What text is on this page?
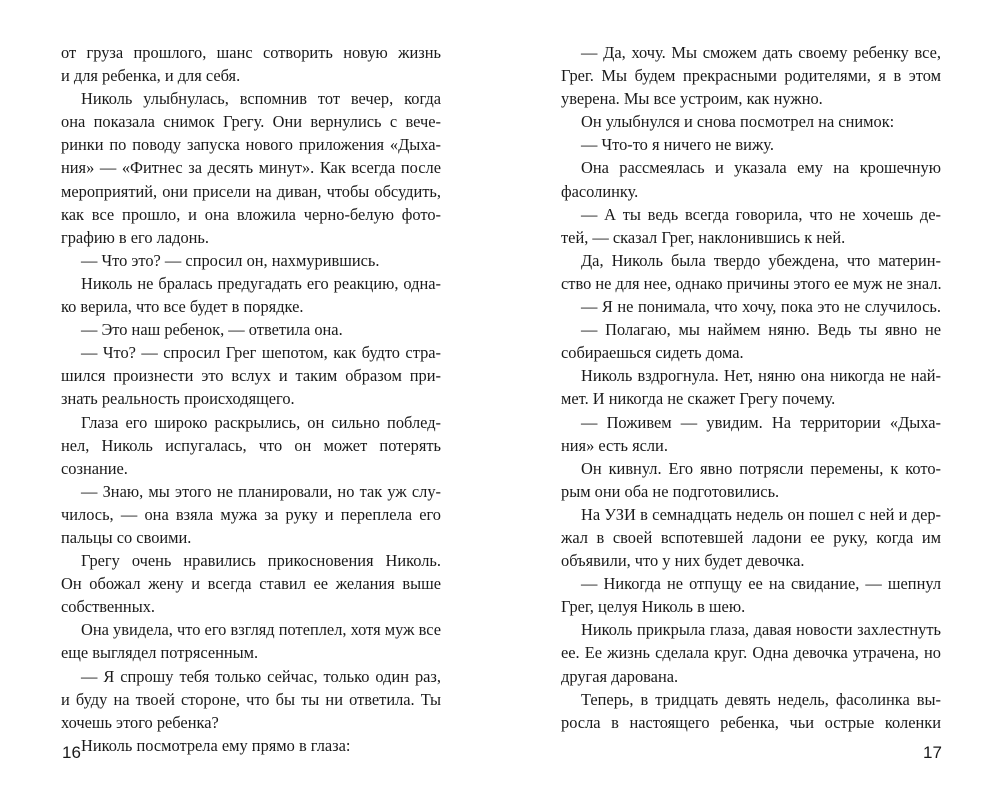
от груза прошлого, шанс сотворить новую жизнь
и для ребенка, и для себя.
Николь улыбнулась, вспомнив тот вечер, когда
она показала снимок Грегу. Они вернулись с вече-
ринки по поводу запуска нового приложения «Дыха-
ния» — «Фитнес за десять минут». Как всегда после
мероприятий, они присели на диван, чтобы обсудить,
как все прошло, и она вложила черно-белую фото-
графию в его ладонь.
— Что это? — спросил он, нахмурившись.
Николь не бралась предугадать его реакцию, одна-
ко верила, что все будет в порядке.
— Это наш ребенок, — ответила она.
— Что? — спросил Грег шепотом, как будто стра-
шился произнести это вслух и таким образом при-
знать реальность происходящего.
Глаза его широко раскрылись, он сильно поблед-
нел, Николь испугалась, что он может потерять
сознание.
— Знаю, мы этого не планировали, но так уж слу-
чилось, — она взяла мужа за руку и переплела его
пальцы со своими.
Грегу очень нравились прикосновения Николь.
Он обожал жену и всегда ставил ее желания выше
собственных.
Она увидела, что его взгляд потеплел, хотя муж все
еще выглядел потрясенным.
— Я спрошу тебя только сейчас, только один раз,
и буду на твоей стороне, что бы ты ни ответила. Ты
хочешь этого ребенка?
Николь посмотрела ему прямо в глаза:
— Да, хочу. Мы сможем дать своему ребенку все,
Грег. Мы будем прекрасными родителями, я в этом
уверена. Мы все устроим, как нужно.
Он улыбнулся и снова посмотрел на снимок:
— Что-то я ничего не вижу.
Она рассмеялась и указала ему на крошечную
фасолинку.
— А ты ведь всегда говорила, что не хочешь де-
тей, — сказал Грег, наклонившись к ней.
Да, Николь была твердо убеждена, что материн-
ство не для нее, однако причины этого ее муж не знал.
— Я не понимала, что хочу, пока это не случилось.
— Полагаю, мы наймем няню. Ведь ты явно не
собираешься сидеть дома.
Николь вздрогнула. Нет, няню она никогда не най-
мет. И никогда не скажет Грегу почему.
— Поживем — увидим. На территории «Дыха-
ния» есть ясли.
Он кивнул. Его явно потрясли перемены, к кото-
рым они оба не подготовились.
На УЗИ в семнадцать недель он пошел с ней и дер-
жал в своей вспотевшей ладони ее руку, когда им
объявили, что у них будет девочка.
— Никогда не отпущу ее на свидание, — шепнул
Грег, целуя Николь в шею.
Николь прикрыла глаза, давая новости захлестнуть
ее. Ее жизнь сделала круг. Одна девочка утрачена, но
другая дарована.
Теперь, в тридцать девять недель, фасолинка вы-
росла в настоящего ребенка, чьи острые коленки
16	17
